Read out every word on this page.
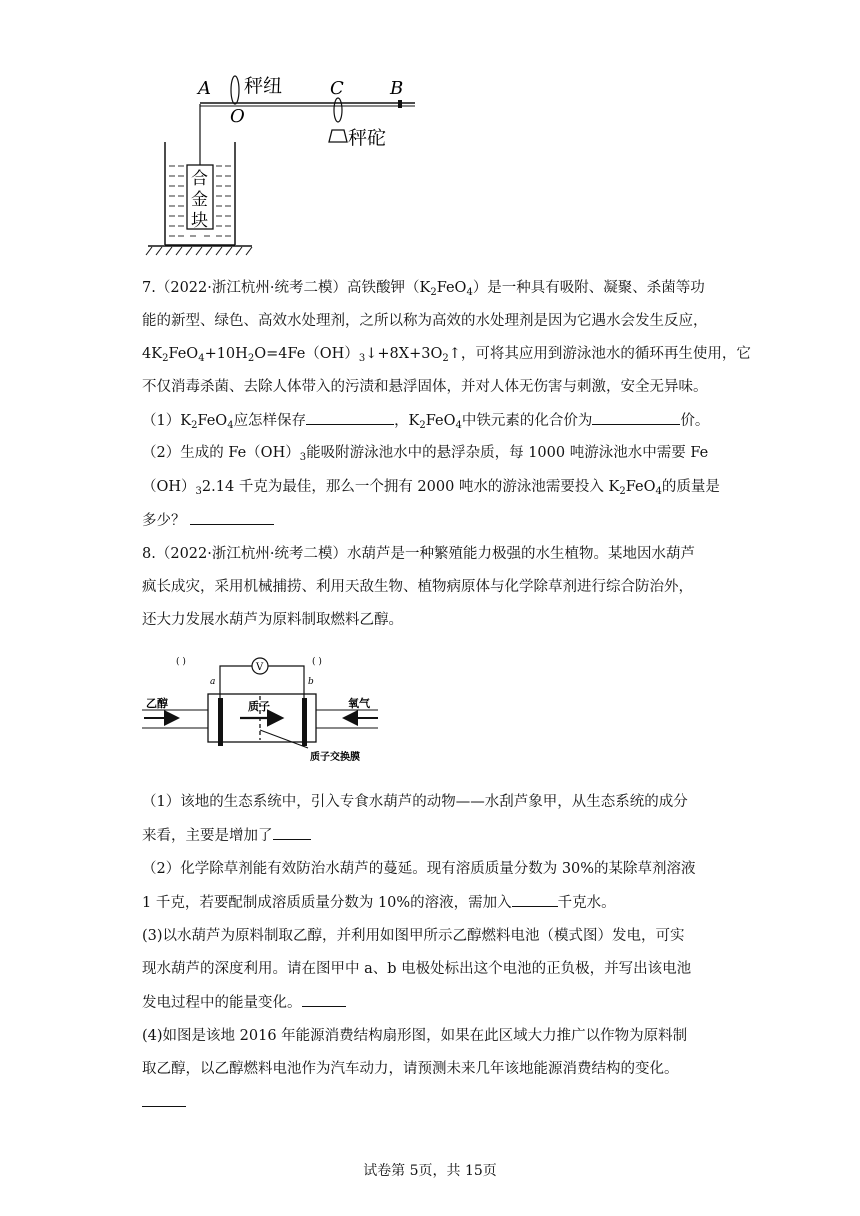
A 秤纽
O
C	B
秤砣
合
金
块
7.（2022·浙江杭州·统考二模）高铁酸钾$(K_2FeO_4)$是一种具有吸附、凝聚、杀菌等功
能的新型、绿色、高效水处理剂，之所以称为高效的水处理剂是因为它遇水会发生反应，
$4K_2FeO_4+10H_2O=4Fe(OH)_3↓+8X+3O_2↑$，可将其应用到游泳池水的循环再生使用，它
不仅消毒杀菌、去除人体带入的污渍和悬浮固体，并对人体无伤害与刺激，安全无异味。
$(1)K_2FeO_4$应怎样保存	，$K_2FeO_4$中铁元素的化合价为	价。
（2）生成的 $Fe(OH)_3$能吸附游泳池水中的悬浮杂质，每 1000 吨游泳池水中需要 Fe
$(OH)_32.14$ 千克为最佳，那么一个拥有 2000 吨水的游泳池需要投入 $K_2FeO_4$的质量是
多少？
8.（2022·浙江杭州·统考二模）水葫芦是一种繁殖能力极强的水生植物。某地因水葫芦
疯长成灾，采用机械捕捞、利用天敌生物、植物病原体与化学除草剂进行综合防治外，
还大力发展水葫芦为原料制取燃料乙醇。
( )	( )
V
a	b
乙醇	氧气
质子
质子交换膜
（1）该地的生态系统中，引入专食水葫芦的动物——水刮芦象甲，从生态系统的成分
来看，主要是增加了
（2）化学除草剂能有效防治水葫芦的蔓延。现有溶质质量分数为 30%的某除草剂溶液
1 千克，若要配制成溶质质量分数为 10%的溶液，需加入	千克水。
(3)以水葫芦为原料制取乙醇，并利用如图甲所示乙醇燃料电池（模式图）发电，可实
现水葫芦的深度利用。请在图甲中 a、b 电极处标出这个电池的正负极，并写出该电池
发电过程中的能量变化。
(4)如图是该地 2016 年能源消费结构扇形图，如果在此区域大力推广以作物为原料制
取乙醇，以乙醇燃料电池作为汽车动力，请预测未来几年该地能源消费结构的变化。
试卷第 5页，共 15页
